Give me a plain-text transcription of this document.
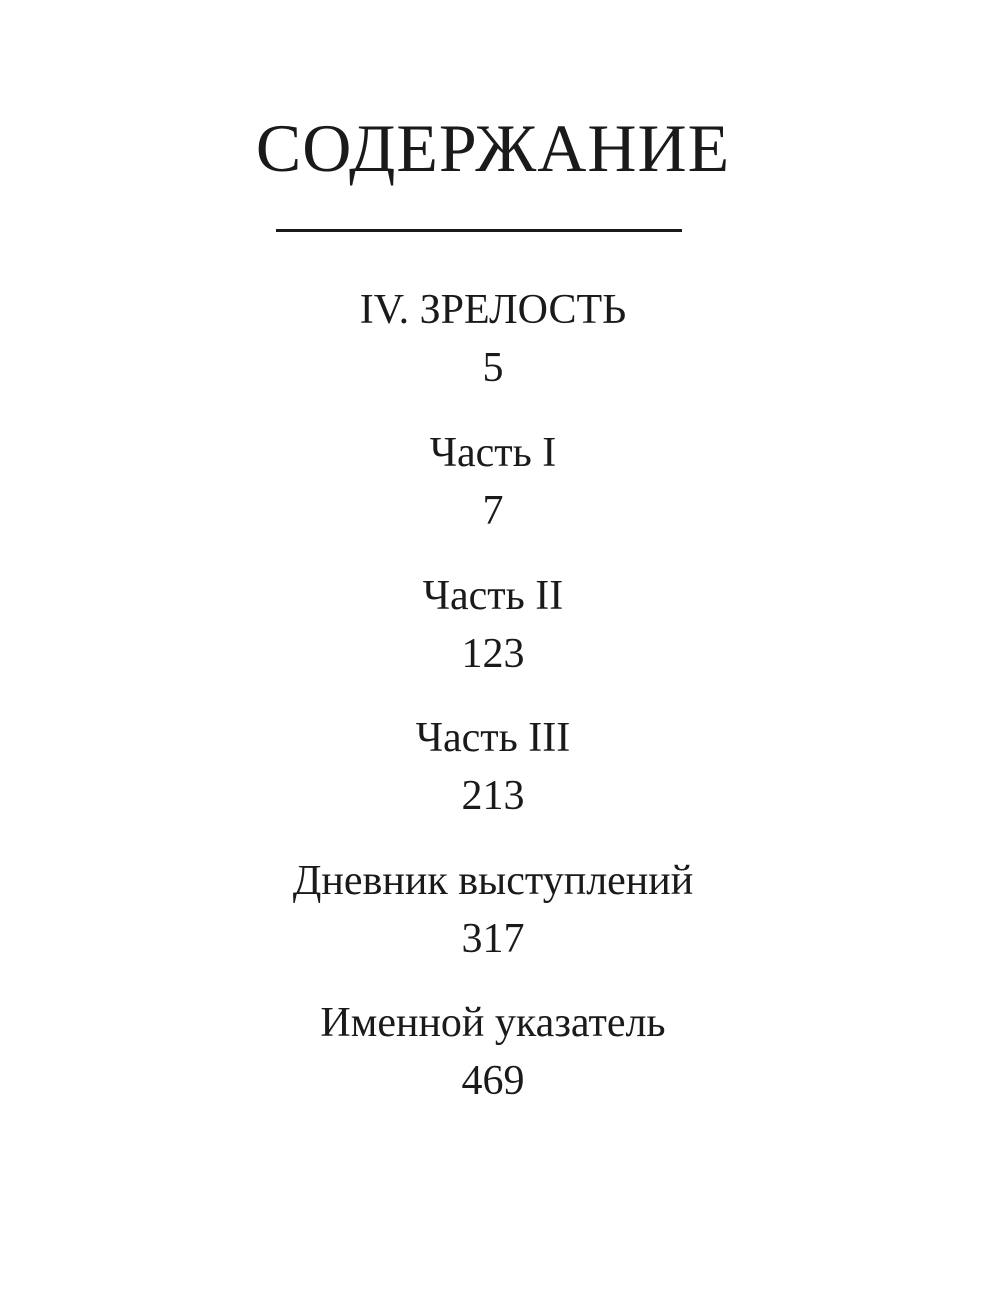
СОДЕРЖАНИЕ
IV. ЗРЕЛОСТЬ
5
Часть I
7
Часть II
123
Часть III
213
Дневник выступлений
317
Именной указатель
469
